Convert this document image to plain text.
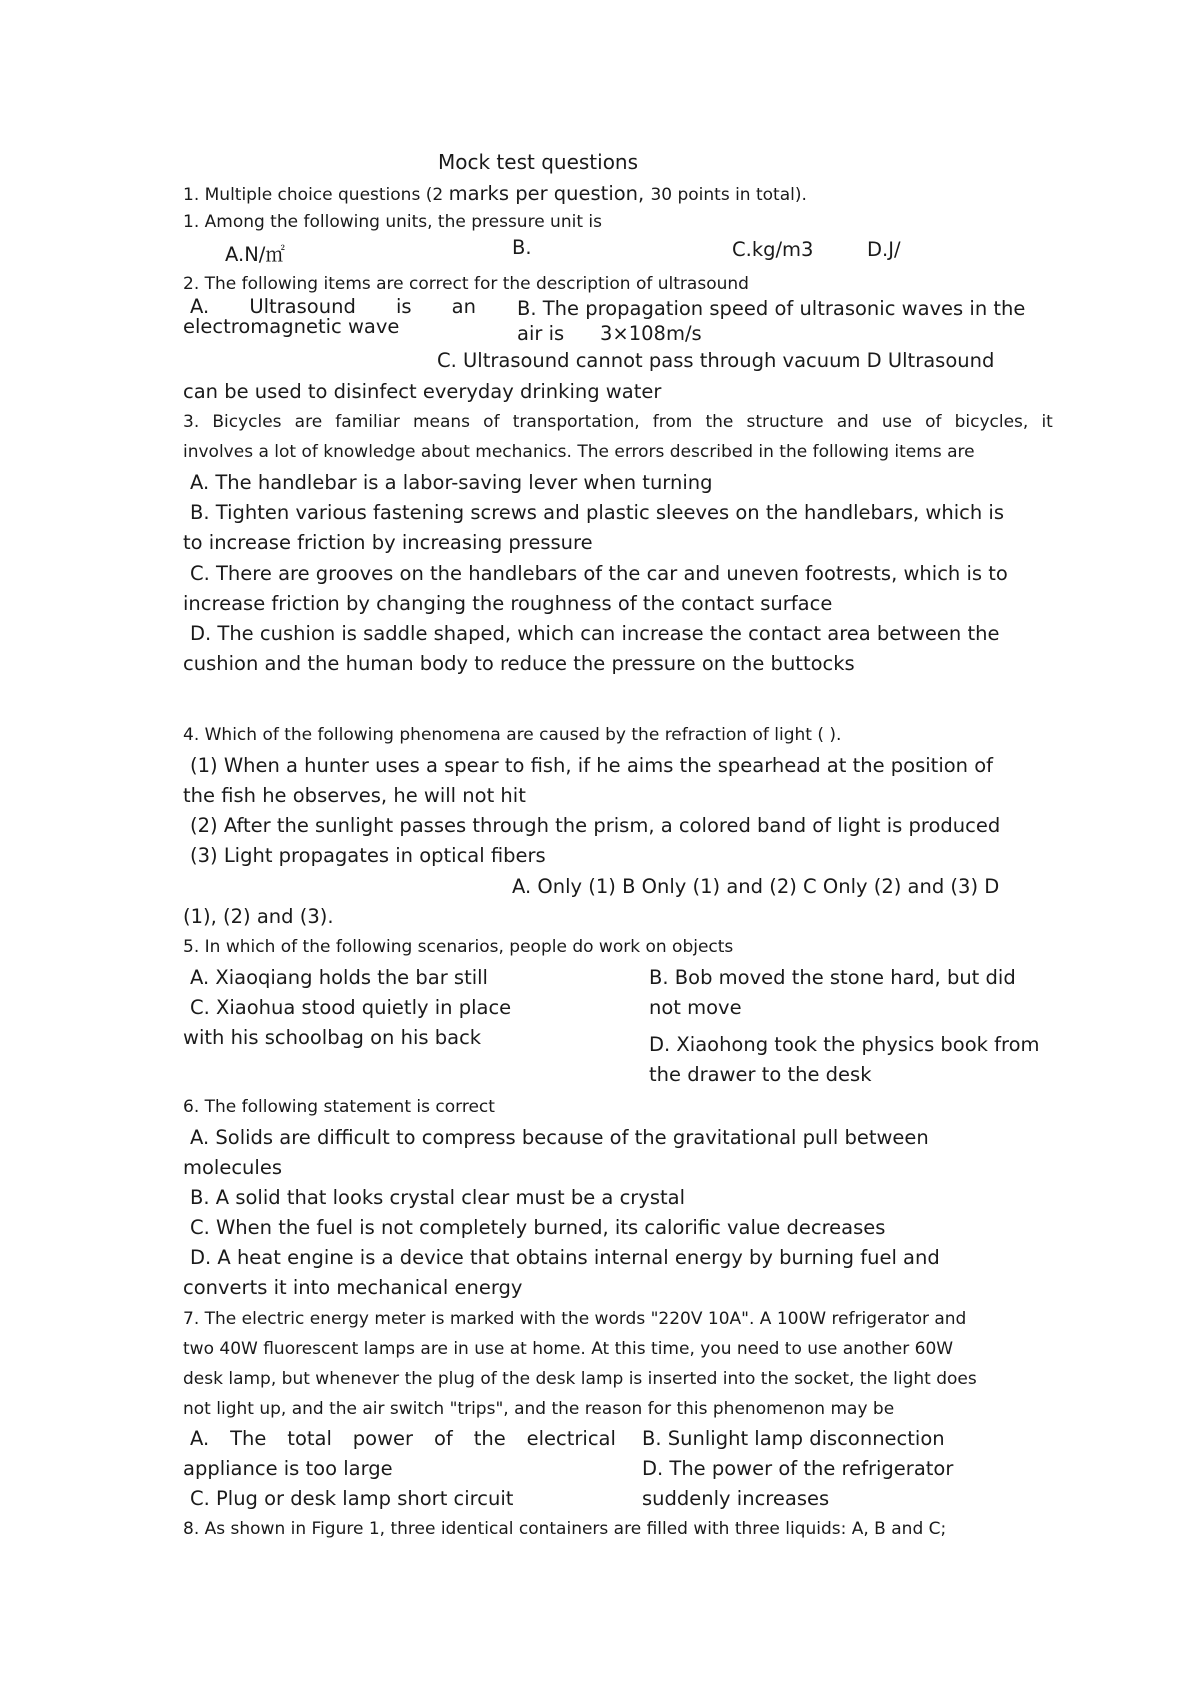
Mock test questions
1. Multiple choice questions (2 marks per question, 30 points in total).
1. Among the following units, the pressure unit is
A.N/㎡	B.	C.kg/m3	D.J/
2. The following items are correct for the description of ultrasound
A. Ultrasound is an
electromagnetic wave
B. The propagation speed of ultrasonic waves in the
air is 3×108m/s
C. Ultrasound cannot pass through vacuum D Ultrasound
can be used to disinfect everyday drinking water
3. Bicycles are familiar means of transportation, from the structure and use of bicycles, it
involves a lot of knowledge about mechanics. The errors described in the following items are
A. The handlebar is a labor-saving lever when turning
B. Tighten various fastening screws and plastic sleeves on the handlebars, which is
to increase friction by increasing pressure
C. There are grooves on the handlebars of the car and uneven footrests, which is to
increase friction by changing the roughness of the contact surface
D. The cushion is saddle shaped, which can increase the contact area between the
cushion and the human body to reduce the pressure on the buttocks
4. Which of the following phenomena are caused by the refraction of light ( ).
(1) When a hunter uses a spear to fish, if he aims the spearhead at the position of
the fish he observes, he will not hit
(2) After the sunlight passes through the prism, a colored band of light is produced
(3) Light propagates in optical fibers
A. Only (1) B Only (1) and (2) C Only (2) and (3) D
(1), (2) and (3).
5. In which of the following scenarios, people do work on objects
A. Xiaoqiang holds the bar still	B. Bob moved the stone hard, but did
not move
C. Xiaohua stood quietly in place
with his schoolbag on his back	D. Xiaohong took the physics book from
the drawer to the desk
6. The following statement is correct
A. Solids are difficult to compress because of the gravitational pull between
molecules
B. A solid that looks crystal clear must be a crystal
C. When the fuel is not completely burned, its calorific value decreases
D. A heat engine is a device that obtains internal energy by burning fuel and
converts it into mechanical energy
7. The electric energy meter is marked with the words "220V 10A". A 100W refrigerator and
two 40W fluorescent lamps are in use at home. At this time, you need to use another 60W
desk lamp, but whenever the plug of the desk lamp is inserted into the socket, the light does
not light up, and the air switch "trips", and the reason for this phenomenon may be
A. The total power of the electrical
appliance is too large
B. Sunlight lamp disconnection
C. Plug or desk lamp short circuit
D. The power of the refrigerator
suddenly increases
8. As shown in Figure 1, three identical containers are filled with three liquids: A, B and C;
